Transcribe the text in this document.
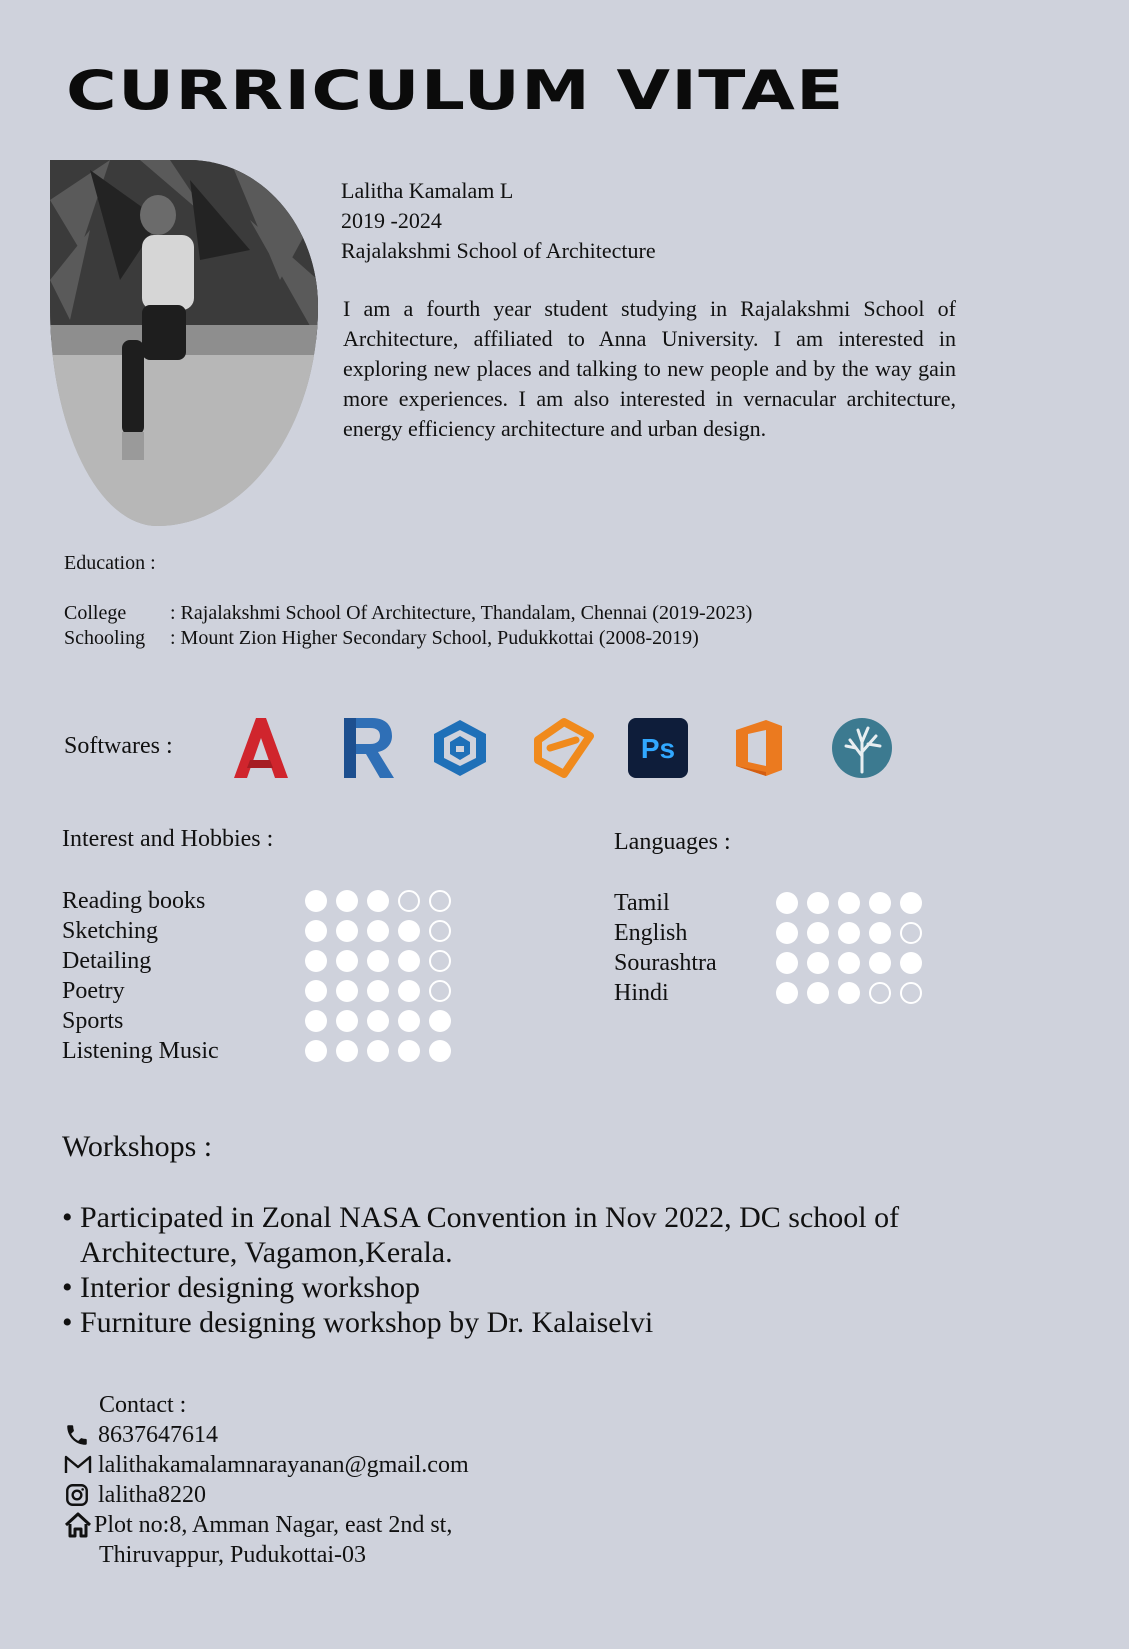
CURRICULUM VITAE
Lalitha Kamalam L
2019 -2024
Rajalakshmi School of Architecture
I am a fourth year student studying in Rajalakshmi School of Architecture, affiliated to Anna University. I am interested in exploring new places and talking to new people and by the way gain more experiences. I am also interested in vernacular architecture, energy efficiency architecture and urban design.
Education :
College	: Rajalakshmi School Of Architecture, Thandalam, Chennai (2019-2023)
Schooling	: Mount Zion Higher Secondary School, Pudukkottai (2008-2019)
Softwares :	Ps
Interest and Hobbies :
Reading books
Sketching
Detailing
Poetry
Sports
Listening Music
Languages :
Tamil
English
Sourashtra
Hindi
Workshops :
• Participated in Zonal NASA Convention in Nov 2022, DC school of Architecture, Vagamon,Kerala.
• Interior designing workshop
• Furniture designing workshop by Dr. Kalaiselvi
Contact :
8637647614
lalithakamalamnarayanan@gmail.com
lalitha8220
Plot no:8, Amman Nagar, east 2nd st,
Thiruvappur, Pudukottai-03
